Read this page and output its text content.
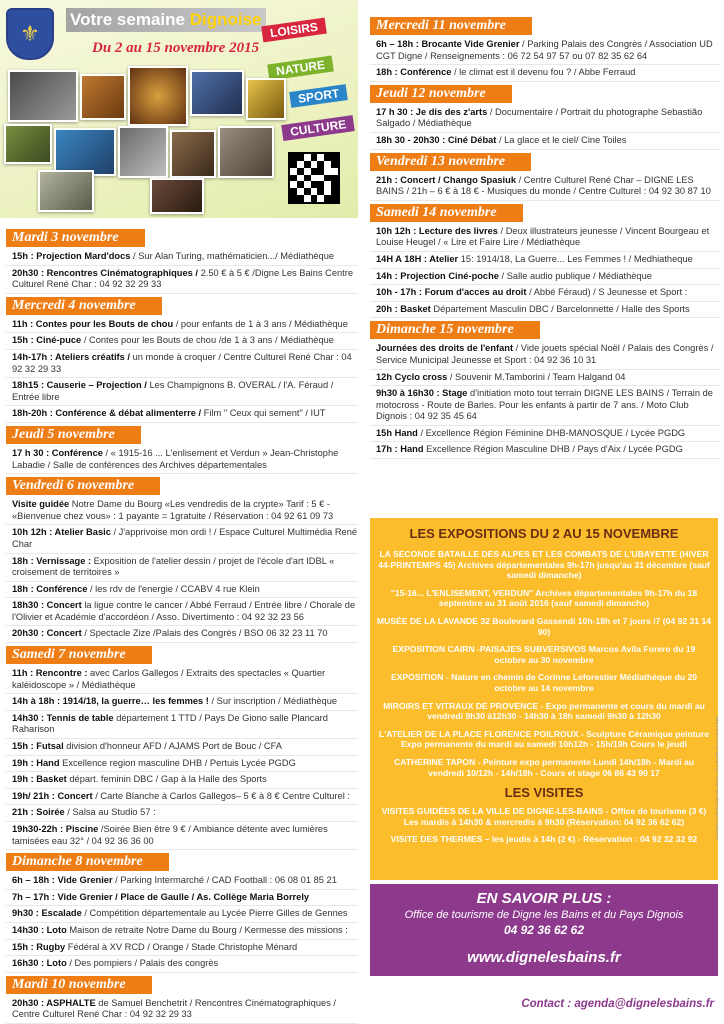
⚜
Votre semaine Dignoise
Du 2 au 15 novembre 2015
LOISIRS
NATURE
SPORT
CULTURE
Mardi 3 novembre
15h : Projection Mard'docs / Sur Alan Turing, mathématicien.../ Médiathèque
20h30 : Rencontres Cinématographiques / 2.50 € à 5 € /Digne Les Bains Centre Culturel René Char : 04 92 32 29 33
Mercredi 4 novembre
11h : Contes pour les Bouts de chou / pour enfants de 1 à 3 ans / Médiathèque
15h : Ciné-puce / Contes pour les Bouts de chou /de 1 à 3 ans / Médiathèque
14h-17h : Ateliers créatifs / un monde à croquer / Centre Culturel René Char : 04 92 32 29 33
18h15 : Causerie – Projection / Les Champignons B. OVERAL / l'A. Féraud / Entrée libre
18h-20h : Conférence & débat alimenterre / Film " Ceux qui sement" / IUT
Jeudi 5 novembre
17 h 30 : Conférence / « 1915-16 ... L'enlisement et Verdun » Jean-Christophe Labadie / Salle de conférences des Archives départementales
Vendredi 6 novembre
Visite guidée Notre Dame du Bourg «Les vendredis de la crypte» Tarif : 5 € - «Bienvenue chez vous» : 1 payante = 1gratuite / Réservation : 04 92 61 09 73
10h 12h : Atelier Basic / J'apprivoise mon ordi ! / Espace Culturel Multimédia René Char
18h : Vernissage : Exposition de l'atelier dessin / projet de l'école d'art IDBL « croisement de territoires »
18h : Conférence / les rdv de l'energie / CCABV 4 rue Klein
18h30 : Concert la ligue contre le cancer / Abbé Ferraud / Entrée libre / Chorale de l'Olivier et Académie d'accordéon / Asso. Divertimento : 04 92 32 23 56
20h30 : Concert / Spectacle Zize /Palais des Congrès / BSO 06 32 23 11 70
Samedi 7 novembre
11h : Rencontre : avec Carlos Gallegos / Extraits des spectacles « Quartier kaléidoscope » / Médiathèque
14h à 18h : 1914/18, la guerre… les femmes ! / Sur inscription / Médiathèque
14h30 : Tennis de table département 1 TTD / Pays De Giono salle Plancard Raharison
15h : Futsal division d'honneur AFD / AJAMS Port de Bouc / CFA
19h : Hand Excellence region masculine DHB / Pertuis Lycée PGDG
19h : Basket départ. feminin DBC / Gap à la Halle des Sports
19h/ 21h : Concert / Carte Blanche à Carlos Gallegos– 5 € à 8 € Centre Culturel :
21h : Soirée / Salsa au Studio 57 :
19h30-22h : Piscine /Soirée Bien être 9 € / Ambiance détente avec lumières tamisées eau 32° / 04 92 36 36 00
Dimanche 8 novembre
6h – 18h : Vide Grenier / Parking Intermarché / CAD Football : 06 08 01 85 21
7h – 17h : Vide Grenier / Place de Gaulle / As. Collège Maria Borrely
9h30 : Escalade / Compétition départementale au Lycée Pierre Gilles de Gennes
14h30 : Loto Maison de retraite Notre Dame du Bourg / Kermesse des missions :
15h : Rugby Fédéral à XV RCD / Orange / Stade Christophe Ménard
16h30 : Loto / Des pompiers / Palais des congrès
Mardi 10 novembre
20h30 : ASPHALTE de Samuel Benchetrit / Rencontres Cinématographiques / Centre Culturel René Char : 04 92 32 29 33
Mercredi 11 novembre
6h – 18h : Brocante Vide Grenier / Parking Palais des Congrès / Association UD CGT Digne / Renseignements : 06 72 54 97 57 ou 07 82 35 62 64
18h : Conférence / le climat est il devenu fou ? / Abbe Ferraud
Jeudi 12 novembre
17 h 30 : Je dis des z'arts / Documentaire / Portrait du photographe Sebastião Salgado / Médiathèque
18h 30 - 20h30 : Ciné Débat / La glace et le ciel/ Cine Toiles
Vendredi 13 novembre
21h : Concert / Chango Spasiuk / Centre Culturel René Char – DIGNE LES BAINS / 21h – 6 € à 18 € - Musiques du monde / Centre Culturel : 04 92 30 87 10
Samedi 14 novembre
10h 12h : Lecture des livres / Deux illustrateurs jeunesse / Vincent Bourgeau et Louise Heugel / « Lire et Faire Lire / Médiathèque
14H A 18H : Atelier 15: 1914/18, La Guerre... Les Femmes ! / Medhiatheque
14h : Projection Ciné-poche / Salle audio publique / Médiathèque
10h - 17h : Forum d'acces au droit / Abbé Féraud) / S Jeunesse et Sport :
20h : Basket Département Masculin DBC / Barcelonnette / Halle des Sports
Dimanche 15 novembre
Journées des droits de l'enfant / Vide jouets spécial Noël / Palais des Congrès / Service Municipal Jeunesse et Sport : 04 92 36 10 31
12h Cyclo cross / Souvenir M.Tamborini / Team Halgand 04
9h30 à 16h30 : Stage d'initiation moto tout terrain DIGNE LES BAINS / Terrain de motocross - Route de Barles. Pour les enfants à partir de 7 ans. / Moto Club Dignois : 04 92 35 45 64
15h Hand / Excellence Région Féminine DHB-MANOSQUE / Lycée PGDG
17h : Hand Excellence Région Masculine DHB / Pays d'Aix / Lycée PGDG
LES EXPOSITIONS DU 2 AU 15 NOVEMBRE

LA SECONDE BATAILLE DES ALPES ET LES COMBATS DE L'UBAYETTE (HIVER 44-PRINTEMPS 45) Archives départementales 9h-17h jusqu'au 31 décembre (sauf samedi dimanche)

"15-16... L'ENLISEMENT, VERDUN" Archives départementales 9h-17h du 18 septembre au 31 août 2016 (sauf samedi dimanche)

MUSÉE DE LA LAVANDE 32 Boulevard Gassendi 10h-18h et 7 jours /7 (04 92 31 14 90)

EXPOSITION CAIRN -PAISAJES SUBVERSIVOS Marcos Avila Forero du 19 octobre au 30 novembre

EXPOSITION - Nature en chemin de Corinne Leforestier Médiathèque du 20 octobre au 14 novembre

MIROIRS ET VITRAUX DE PROVENCE - Expo permanente et cours du mardi au vendredi 9h30 à12h30 - 14h30 à 18h samedi 9h30 à 12h30

L'ATELIER DE LA PLACE FLORENCE POILROUX - Sculpture Céramique peinture Expo permanente du mardi au samedi 10h12h - 15h/19h Cours le jeudi

CATHERINE TAPON - Peinture expo permanente Lundi 14h/18h - Mardi au vendredi 10/12h - 14h/18h - Cours et stage 06 86 43 90 17

LES VISITES

VISITES GUIDÉES DE LA VILLE DE DIGNE-LES-BAINS - Office de tourisme (3 €) Les mardis à 14h30 & mercredis à 9h30 (Réservation: 04 92 36 62 62)

VISITE DES THERMES – les jeudis à 14h (2 €) - Réservation : 04 92 32 32 92

EN SAVOIR PLUS :
Office de tourisme de Digne les Bains et du Pays Dignois
04 92 36 62 62
www.dignelesbains.fr
Contact : agenda@dignelesbains.fr
Conception Ville de Digne-les-Bains / Ne pas jeter sur la voie publique
